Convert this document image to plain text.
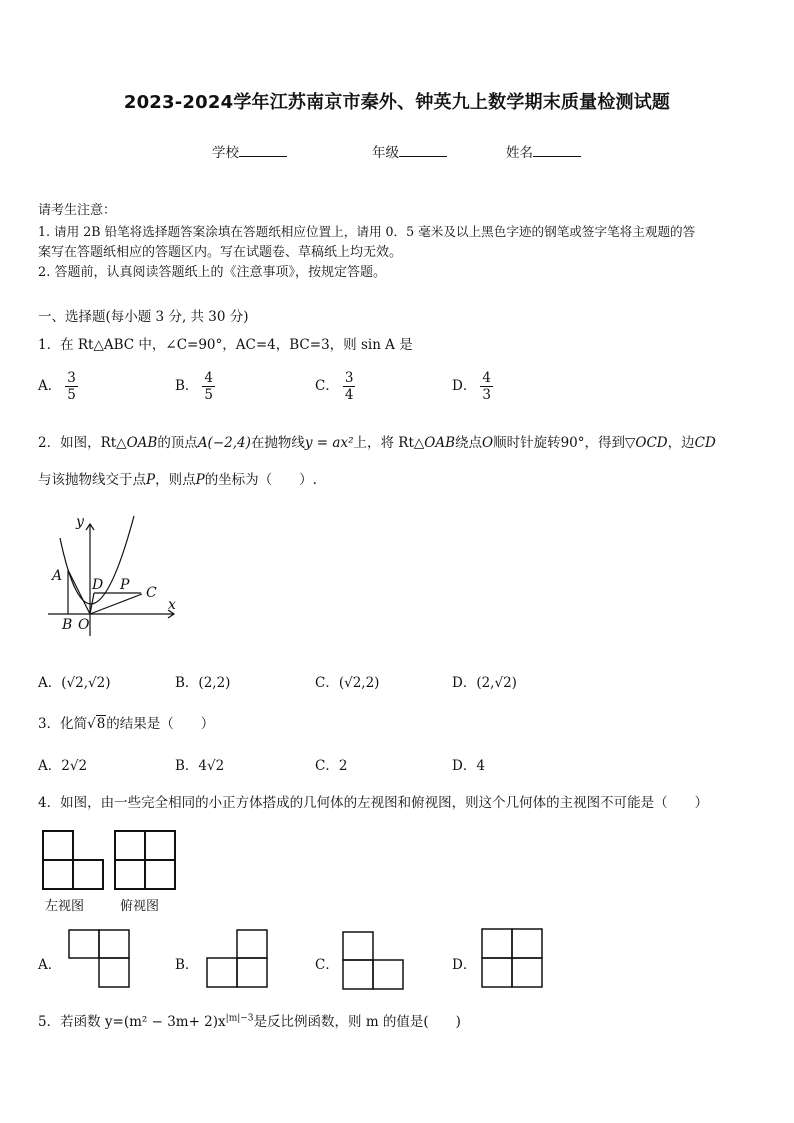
2023-2024学年江苏南京市秦外、钟英九上数学期末质量检测试题
学校	年级	姓名
请考生注意：
1. 请用 2B 铅笔将选择题答案涂填在答题纸相应位置上，请用 0．5 毫米及以上黑色字迹的钢笔或签字笔将主观题的答
案写在答题纸相应的答题区内。写在试题卷、草稿纸上均无效。
2. 答题前，认真阅读答题纸上的《注意事项》，按规定答题。
一、选择题(每小题 3 分, 共 30 分)
1．在 Rt△ABC 中，∠C=90°，AC=4，BC=3，则 sin A 是
A． $\frac{3}{5}$	B． $\frac{4}{5}$	C． $\frac{3}{4}$	D． $\frac{4}{3}$
2．如图，Rt△OAB的顶点A(−2,4)在抛物线y = ax²上，将 Rt△OAB绕点O顺时针旋转90°，得到▽OCD，边CD
与该抛物线交于点P，则点P的坐标为（　　）.
y
x
A
D P C
B O
A．(√2,√2)	B．(2,2)	C．(√2,2)	D．(2,√2)
3．化简√8的结果是（　　）
A．2√2	B．4√2	C．2	D．4
4．如图，由一些完全相同的小正方体搭成的几何体的左视图和俯视图，则这个几何体的主视图不可能是（　　）
左视图	俯视图
A．	B．	C．	D．
5．若函数 $y=(m^2 - 3m+ 2)x^{|m|-3}$是反比例函数，则 m 的值是(　　)
